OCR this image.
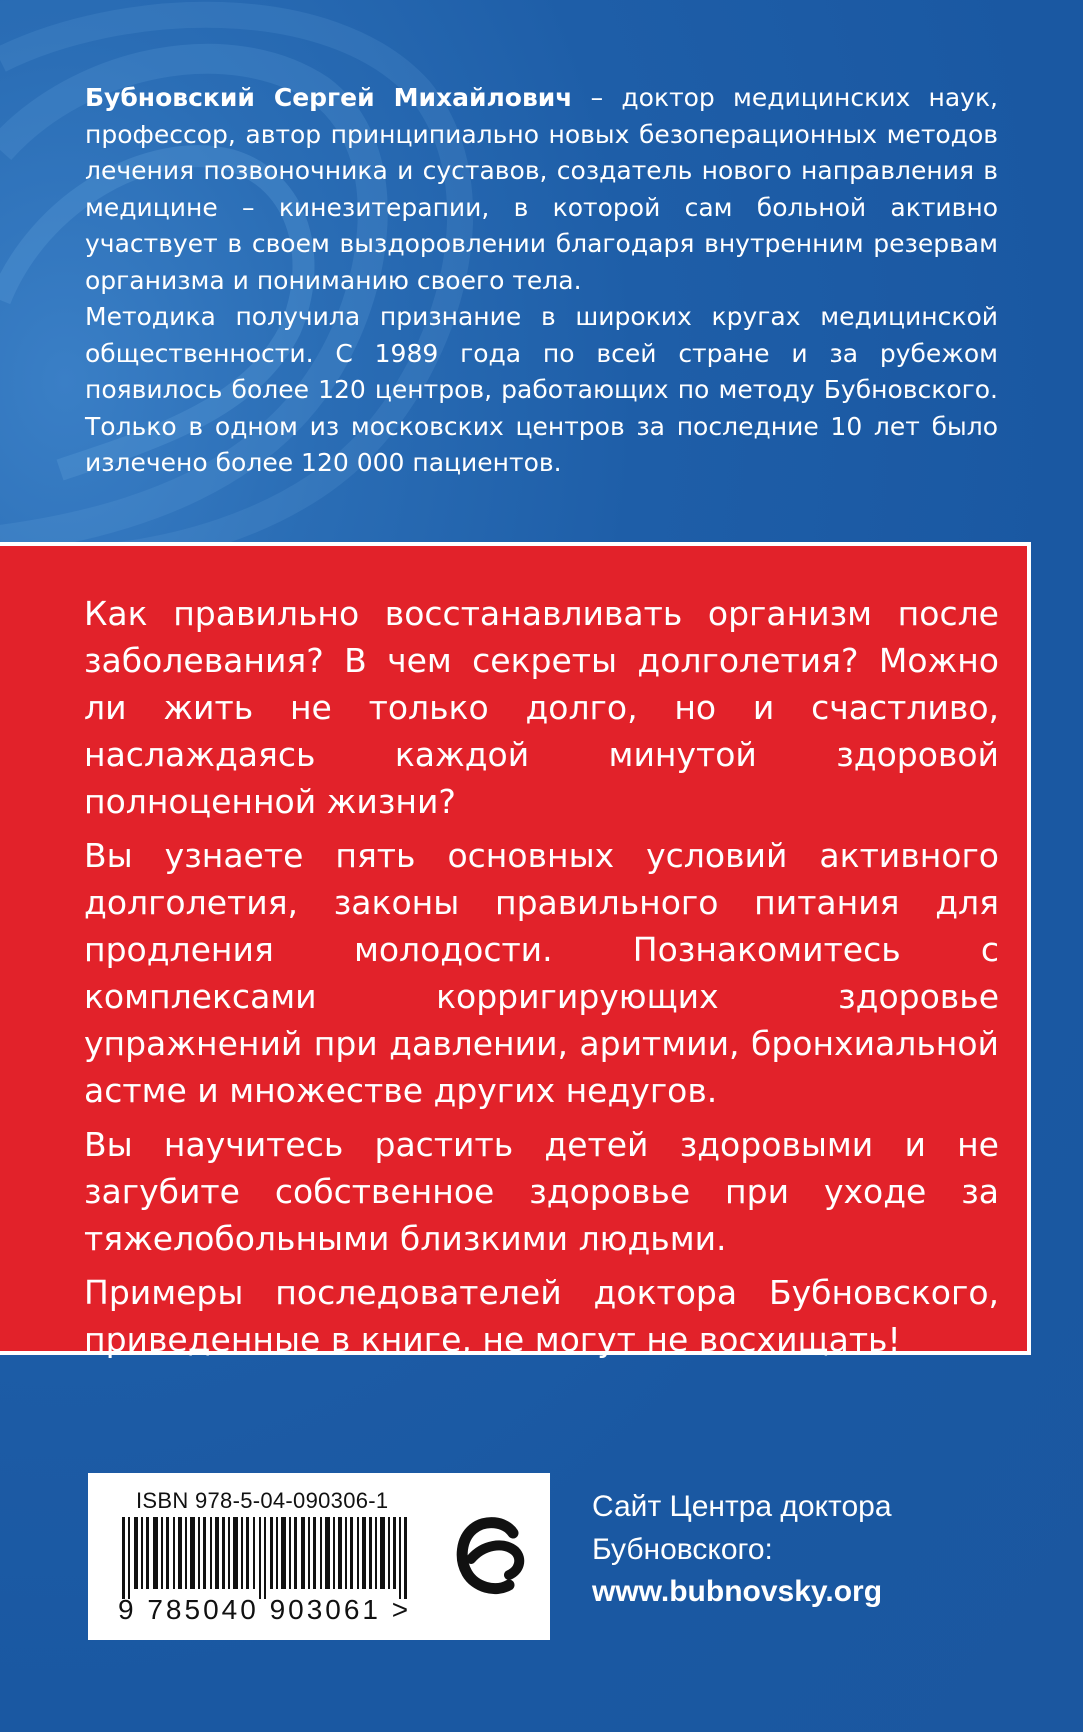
Бубновский Сергей Михайлович – доктор медицинских наук, профессор, автор принципиально новых безоперационных методов лечения позвоночника и суставов, создатель нового направления в медицине – кинезитерапии, в которой сам больной активно участвует в своем выздоровлении благодаря внутренним резервам организма и пониманию своего тела.

Методика получила признание в широких кругах медицинской общественности. С 1989 года по всей стране и за рубежом появилось более 120 центров, работающих по методу Бубновского. Только в одном из московских центров за последние 10 лет было излечено более 120 000 пациентов.

Как правильно восстанавливать организм после заболевания? В чем секреты долголетия? Можно ли жить не только долго, но и счастливо, наслаждаясь каждой минутой здоровой полноценной жизни?

Вы узнаете пять основных условий активного долголетия, законы правильного питания для продления молодости. Познакомитесь с комплексами корригирующих здоровье упражнений при давлении, аритмии, бронхиальной астме и множестве других недугов.

Вы научитесь растить детей здоровыми и не загубите собственное здоровье при уходе за тяжелобольными близкими людьми.

Примеры последователей доктора Бубновского, приведенные в книге, не могут не восхищать!

ISBN 978-5-04-090306-1
9 785040 903061 >
Сайт Центра доктора Бубновского:
www.bubnovsky.org
